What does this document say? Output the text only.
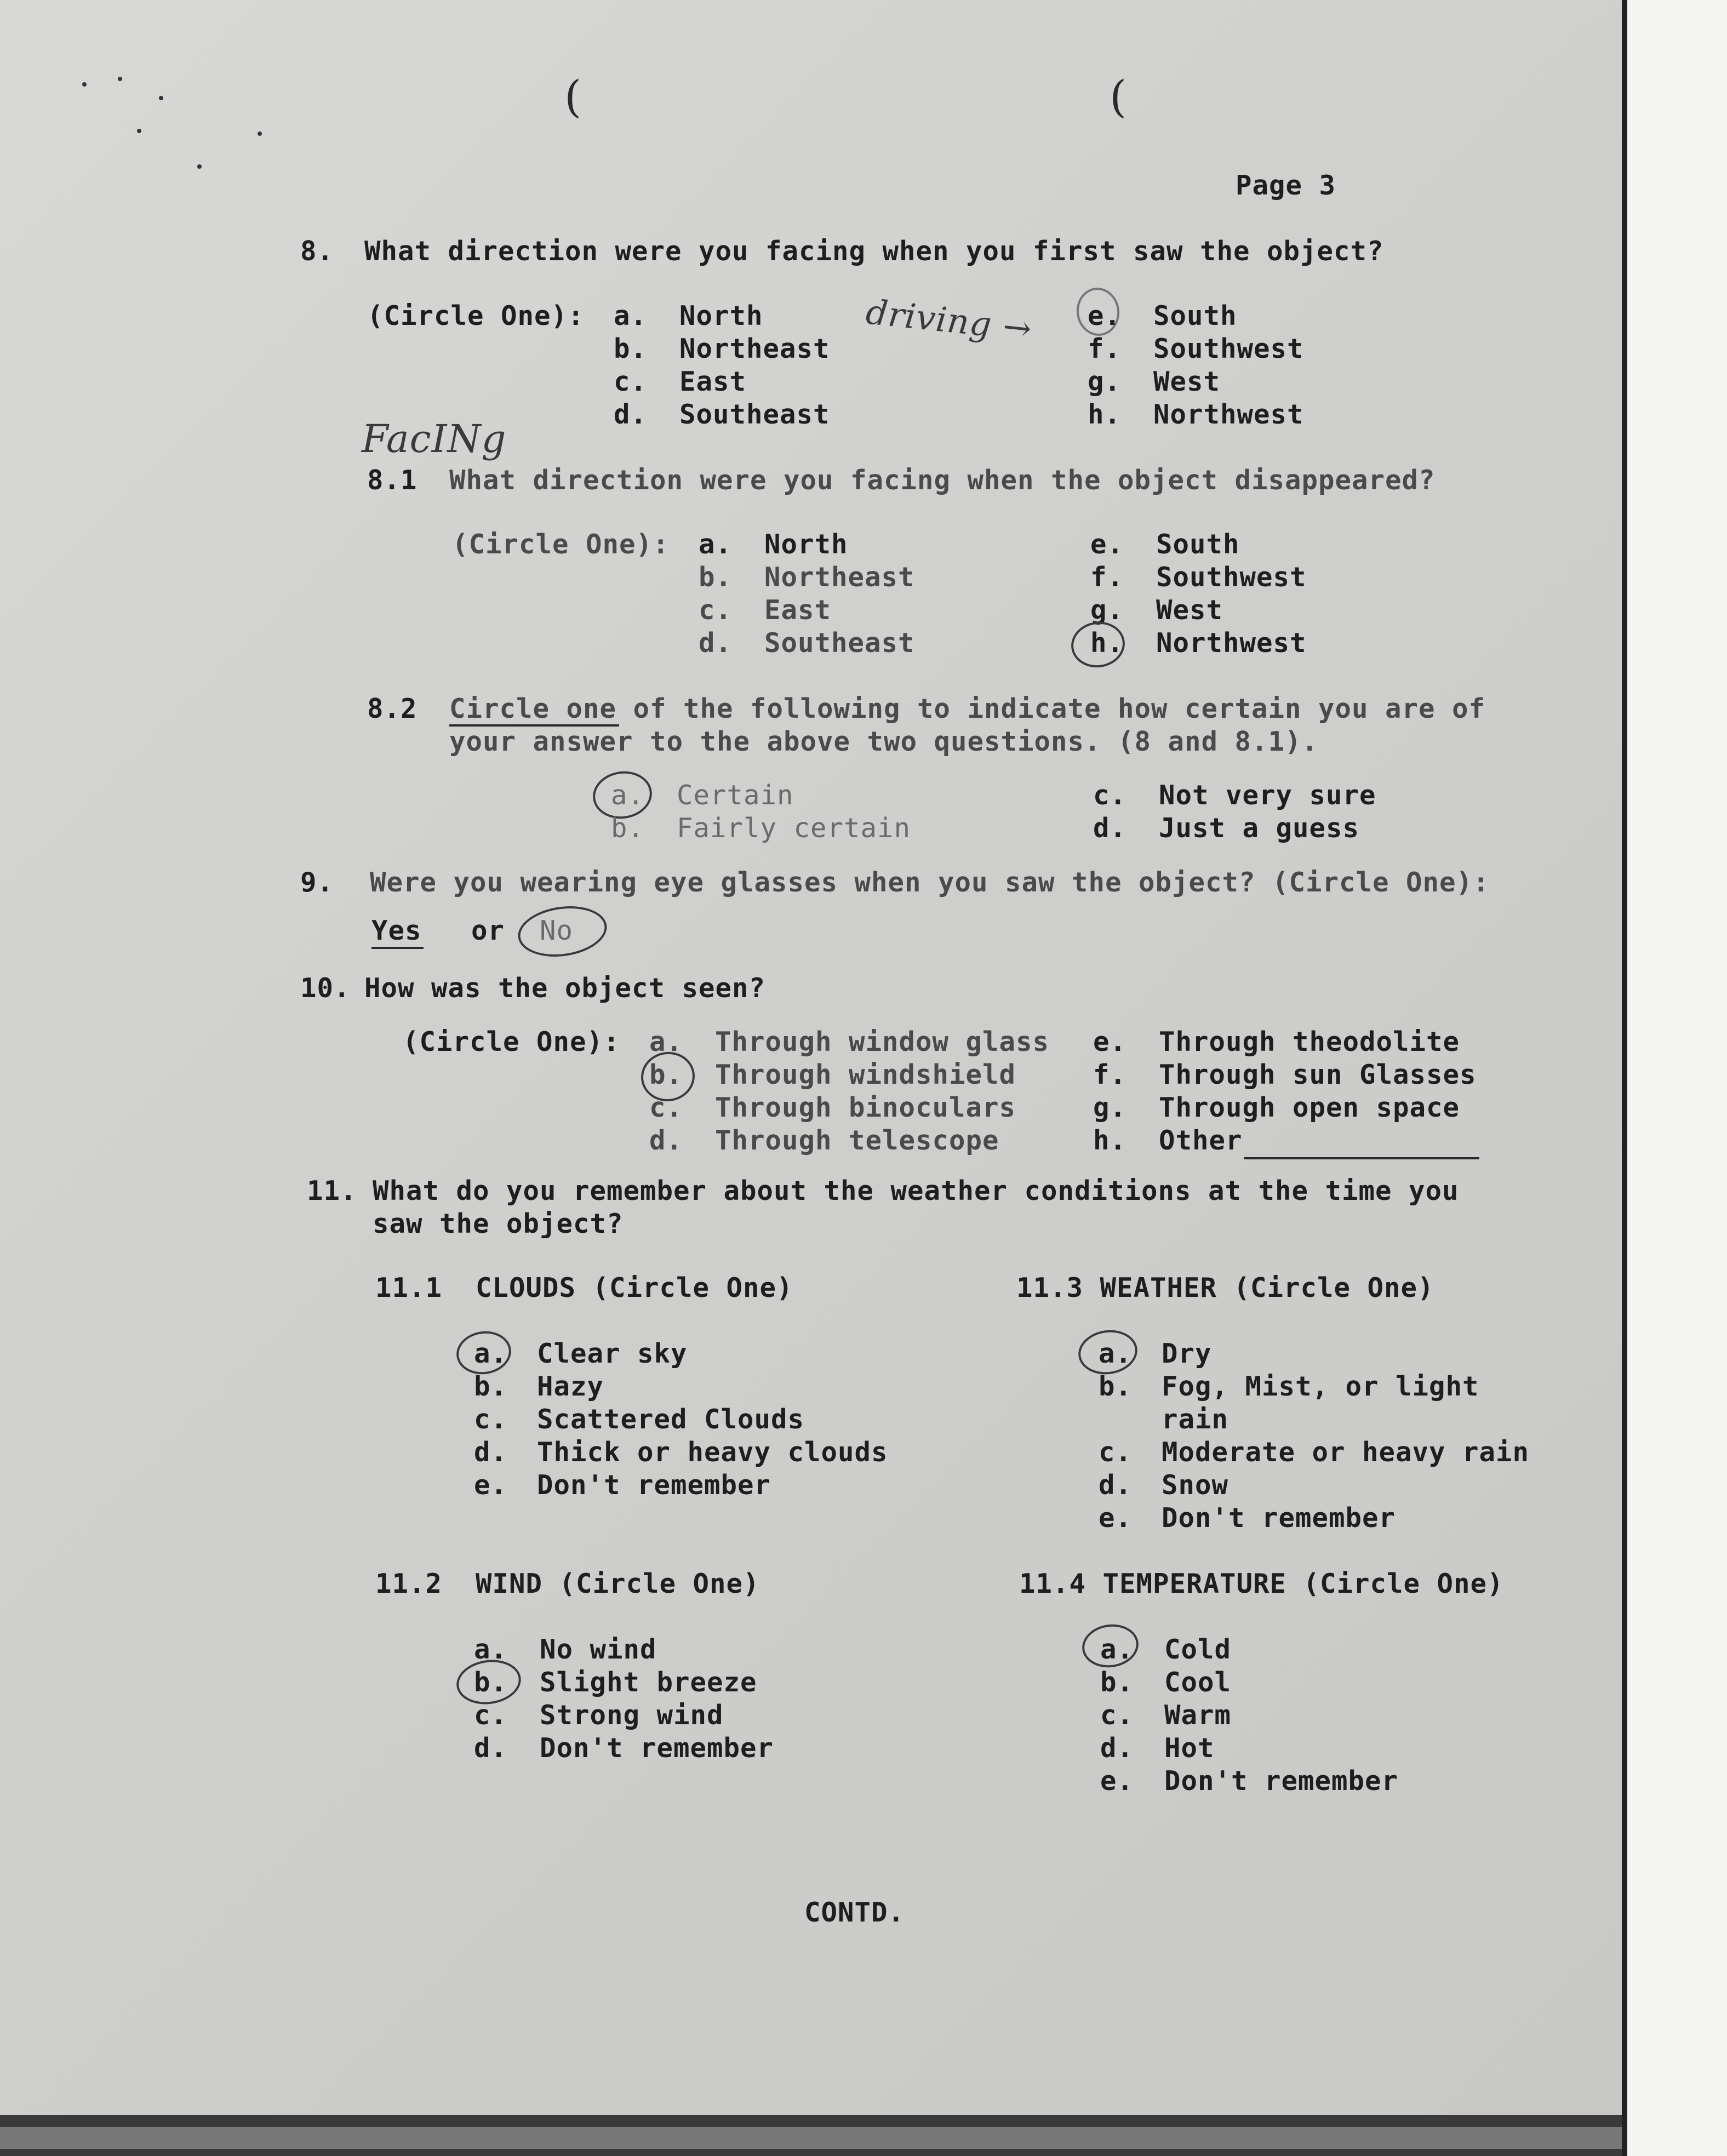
(	(
Page 3
8. What direction were you facing when you first saw the object?
(Circle One): a. North
b. Northeast
c. East
d. Southeast
driving → e. South
f. Southwest
g. West
h. Northwest
FacINg
8.1 What direction were you facing when the object disappeared?
(Circle One): a. North
b. Northeast
c. East
d. Southeast
e. South
f. Southwest
g. West
h. Northwest
8.2 Circle one of the following to indicate how certain you are of
your answer to the above two questions. (8 and 8.1).
a. Certain
b. Fairly certain
c. Not very sure
d. Just a guess
9. Were you wearing eye glasses when you saw the object? (Circle One):
Yes or No
10. How was the object seen?
(Circle One): a. Through window glass
b. Through windshield
c. Through binoculars
d. Through telescope
e. Through theodolite
f. Through sun Glasses
g. Through open space
h. Other
11. What do you remember about the weather conditions at the time you
saw the object?
11.1  CLOUDS (Circle One)
a. Clear sky
b. Hazy
c. Scattered Clouds
d. Thick or heavy clouds
e. Don't remember
11.3 WEATHER (Circle One)
a. Dry
b. Fog, Mist, or light
rain
c. Moderate or heavy rain
d. Snow
e. Don't remember
11.2  WIND (Circle One)
a. No wind
b. Slight breeze
c. Strong wind
d. Don't remember
11.4 TEMPERATURE (Circle One)
a. Cold
b. Cool
c. Warm
d. Hot
e. Don't remember
CONTD.
